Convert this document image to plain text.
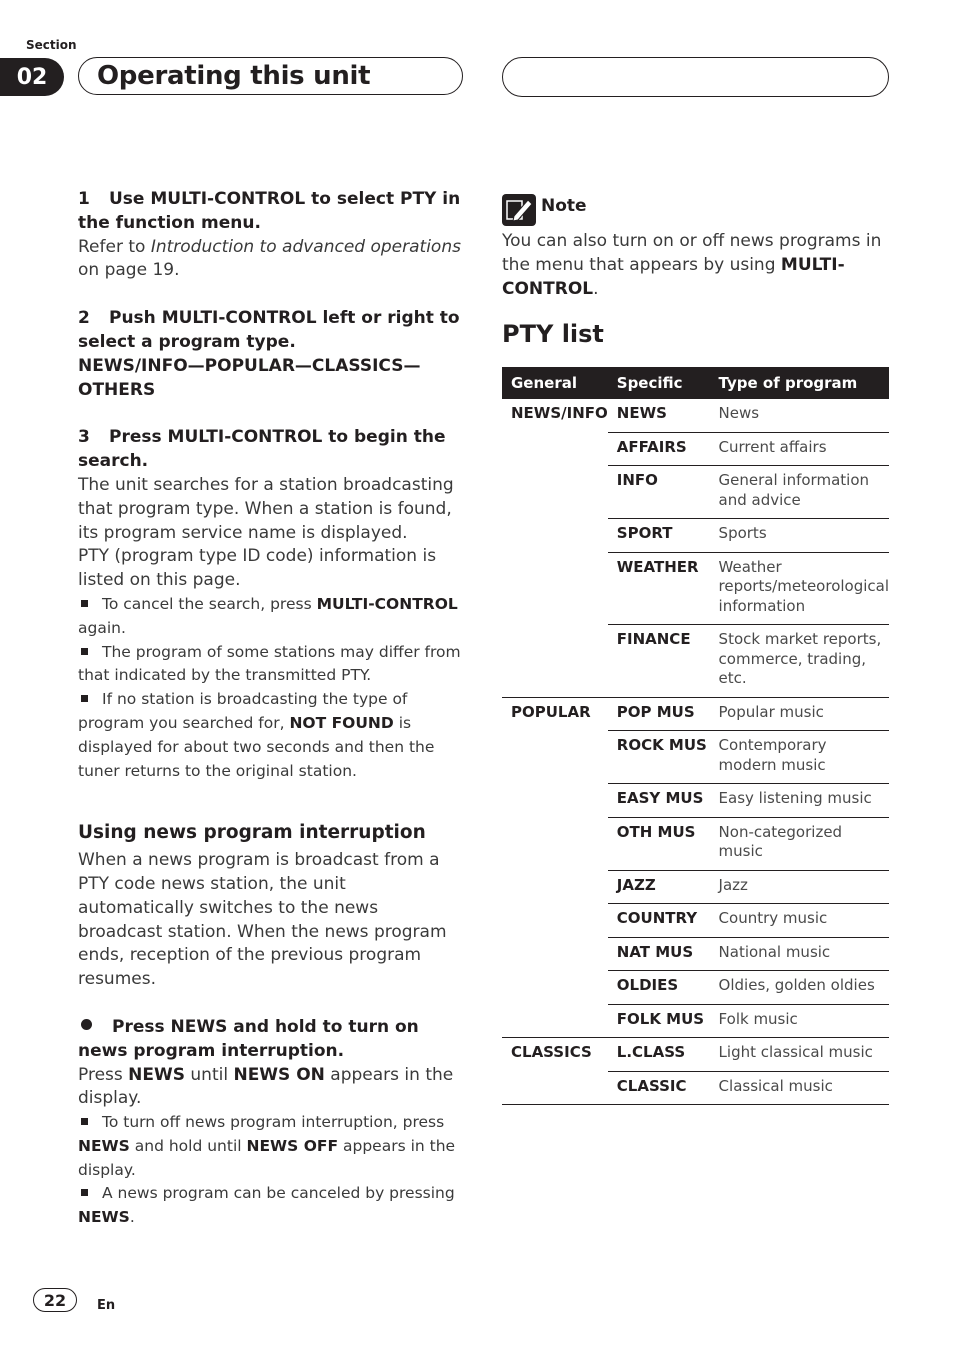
Section
02	Operating this unit

1 Use MULTI-CONTROL to select PTY in the function menu.

Refer to Introduction to advanced operations on page 19.

2 Push MULTI-CONTROL left or right to select a program type.

NEWS/INFO—POPULAR—CLASSICS—OTHERS

3 Press MULTI-CONTROL to begin the search.

The unit searches for a station broadcasting that program type. When a station is found, its program service name is displayed.

PTY (program type ID code) information is listed on this page.

To cancel the search, press MULTI-CONTROL again.

The program of some stations may differ from that indicated by the transmitted PTY.

If no station is broadcasting the type of program you searched for, NOT FOUND is displayed for about two seconds and then the tuner returns to the original station.

Using news program interruption

When a news program is broadcast from a PTY code news station, the unit automatically switches to the news broadcast station. When the news program ends, reception of the previous program resumes.

Press NEWS and hold to turn on news program interruption.

Press NEWS until NEWS ON appears in the display.

To turn off news program interruption, press NEWS and hold until NEWS OFF appears in the display.

A news program can be canceled by pressing NEWS.

Note
You can also turn on or off news programs in the menu that appears by using MULTI-CONTROL.
PTY list
General	Specific	Type of program
NEWS/INFO	NEWS	News
	AFFAIRS	Current affairs
	INFO	General information and advice
	SPORT	Sports
	WEATHER	Weather reports/meteorological information
	FINANCE	Stock market reports, commerce, trading, etc.
POPULAR	POP MUS	Popular music
	ROCK MUS	Contemporary modern music
	EASY MUS	Easy listening music
	OTH MUS	Non-categorized music
	JAZZ	Jazz
	COUNTRY	Country music
	NAT MUS	National music
	OLDIES	Oldies, golden oldies
	FOLK MUS	Folk music
CLASSICS	L.CLASS	Light classical music
	CLASSIC	Classical music
22	En
